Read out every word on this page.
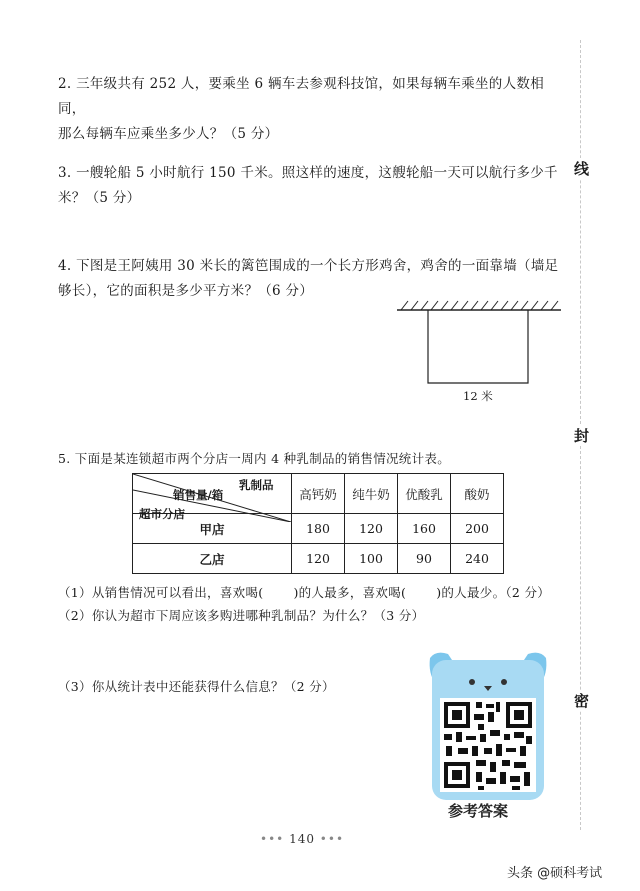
2. 三年级共有 252 人，要乘坐 6 辆车去参观科技馆，如果每辆车乘坐的人数相同，
那么每辆车应乘坐多少人？（5 分）
3. 一艘轮船 5 小时航行 150 千米。照这样的速度，这艘轮船一天可以航行多少千
米？（5 分）
4. 下图是王阿姨用 30 米长的篱笆围成的一个长方形鸡舍，鸡舍的一面靠墙（墙足
够长），它的面积是多少平方米？（6 分）
12 米
5. 下面是某连锁超市两个分店一周内 4 种乳制品的销售情况统计表。
乳制品
销售量/箱
超市分店	高钙奶	纯牛奶	优酸乳	酸奶
甲店	180	120	160	200
乙店	120	100	90	240
（1）从销售情况可以看出，喜欢喝( )的人最多，喜欢喝( )的人最少。（2 分）
（2）你认为超市下周应该多购进哪种乳制品？为什么？（3 分）
（3）你从统计表中还能获得什么信息？（2 分）
线
封
密
参考答案
••• 140 •••
头条 @硕科考试
